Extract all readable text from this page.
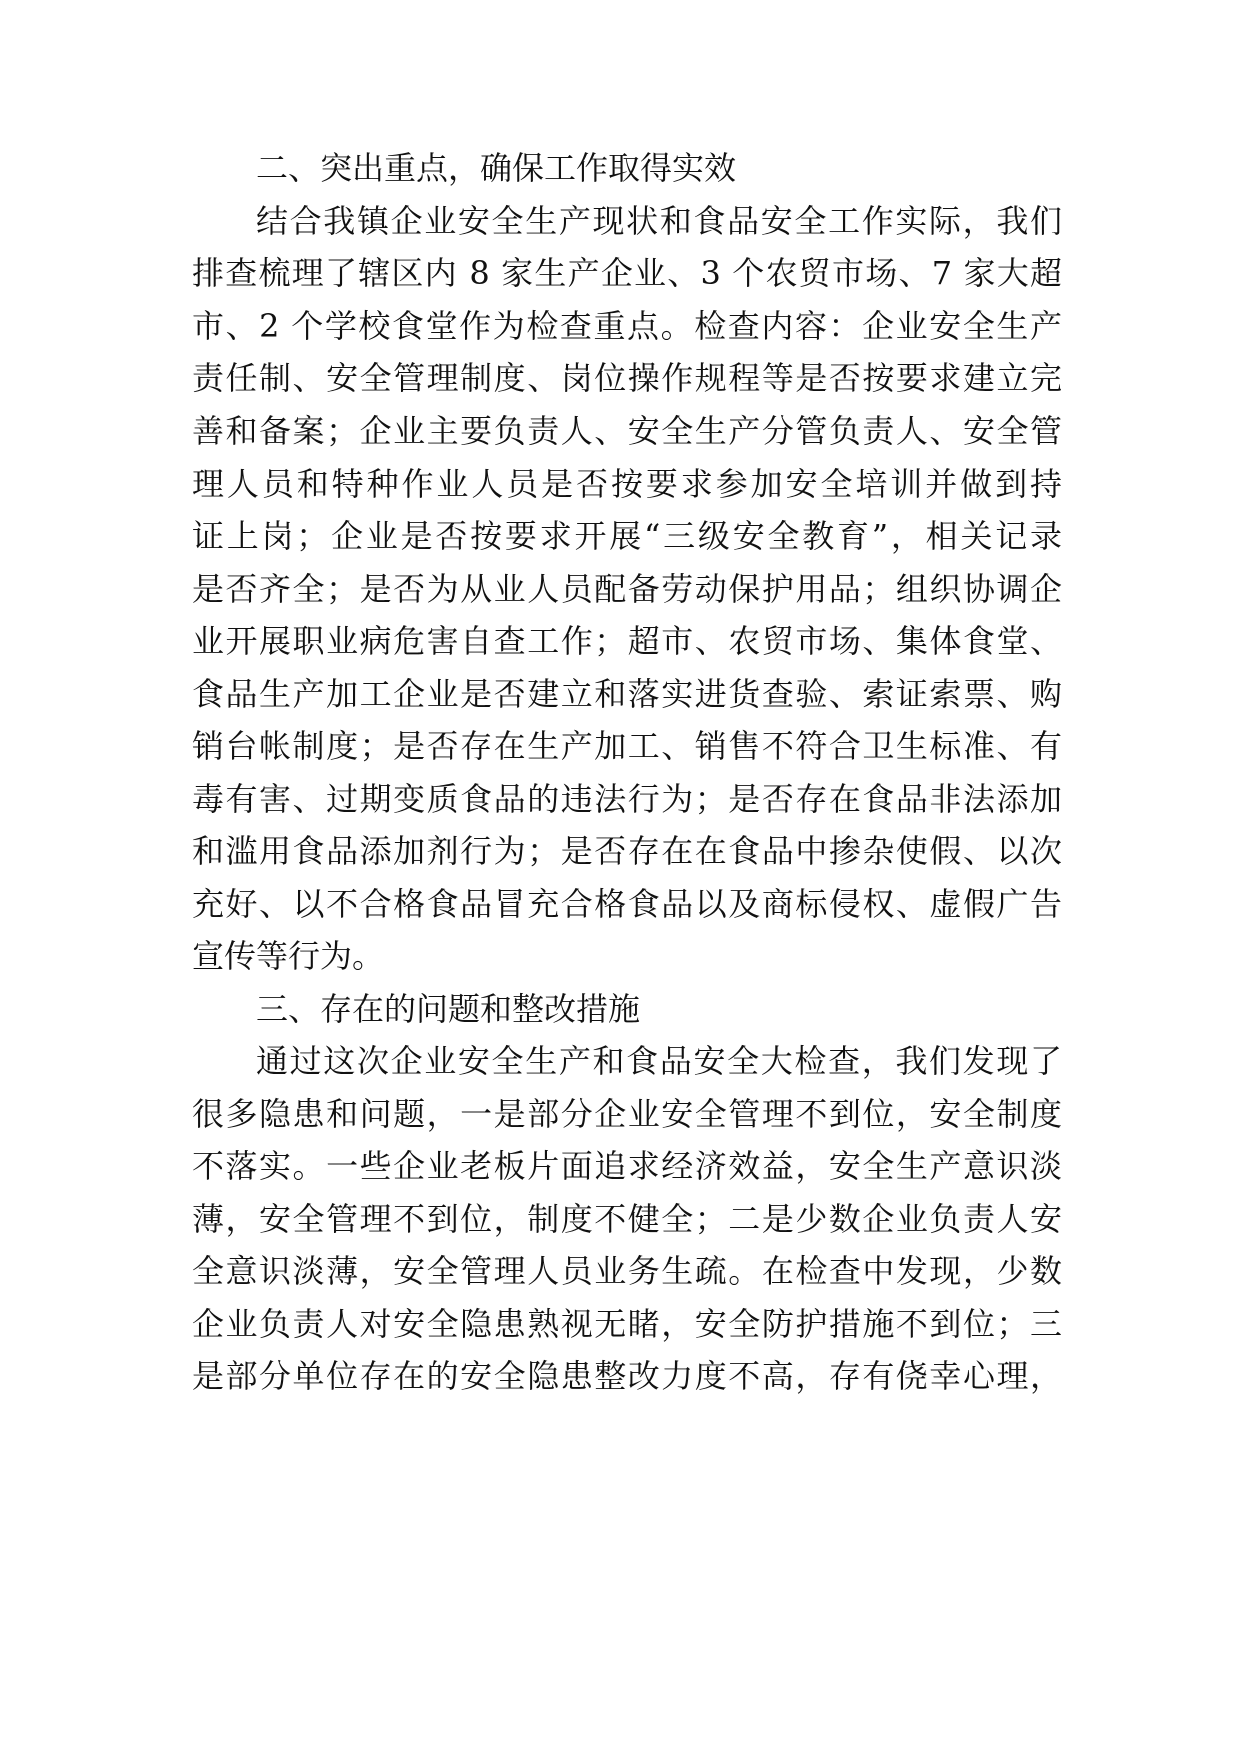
二、突出重点，确保工作取得实效
结合我镇企业安全生产现状和食品安全工作实际，我们
排查梳理了辖区内 8 家生产企业、3 个农贸市场、7 家大超
市、2 个学校食堂作为检查重点。检查内容：企业安全生产
责任制、安全管理制度、岗位操作规程等是否按要求建立完
善和备案；企业主要负责人、安全生产分管负责人、安全管
理人员和特种作业人员是否按要求参加安全培训并做到持
证上岗；企业是否按要求开展“三级安全教育”，相关记录
是否齐全；是否为从业人员配备劳动保护用品；组织协调企
业开展职业病危害自查工作；超市、农贸市场、集体食堂、
食品生产加工企业是否建立和落实进货查验、索证索票、购
销台帐制度；是否存在生产加工、销售不符合卫生标准、有
毒有害、过期变质食品的违法行为；是否存在食品非法添加
和滥用食品添加剂行为；是否存在在食品中掺杂使假、以次
充好、以不合格食品冒充合格食品以及商标侵权、虚假广告
宣传等行为。
三、存在的问题和整改措施
通过这次企业安全生产和食品安全大检查，我们发现了
很多隐患和问题，一是部分企业安全管理不到位，安全制度
不落实。一些企业老板片面追求经济效益，安全生产意识淡
薄，安全管理不到位，制度不健全；二是少数企业负责人安
全意识淡薄，安全管理人员业务生疏。在检查中发现，少数
企业负责人对安全隐患熟视无睹，安全防护措施不到位；三
是部分单位存在的安全隐患整改力度不高，存有侥幸心理，
